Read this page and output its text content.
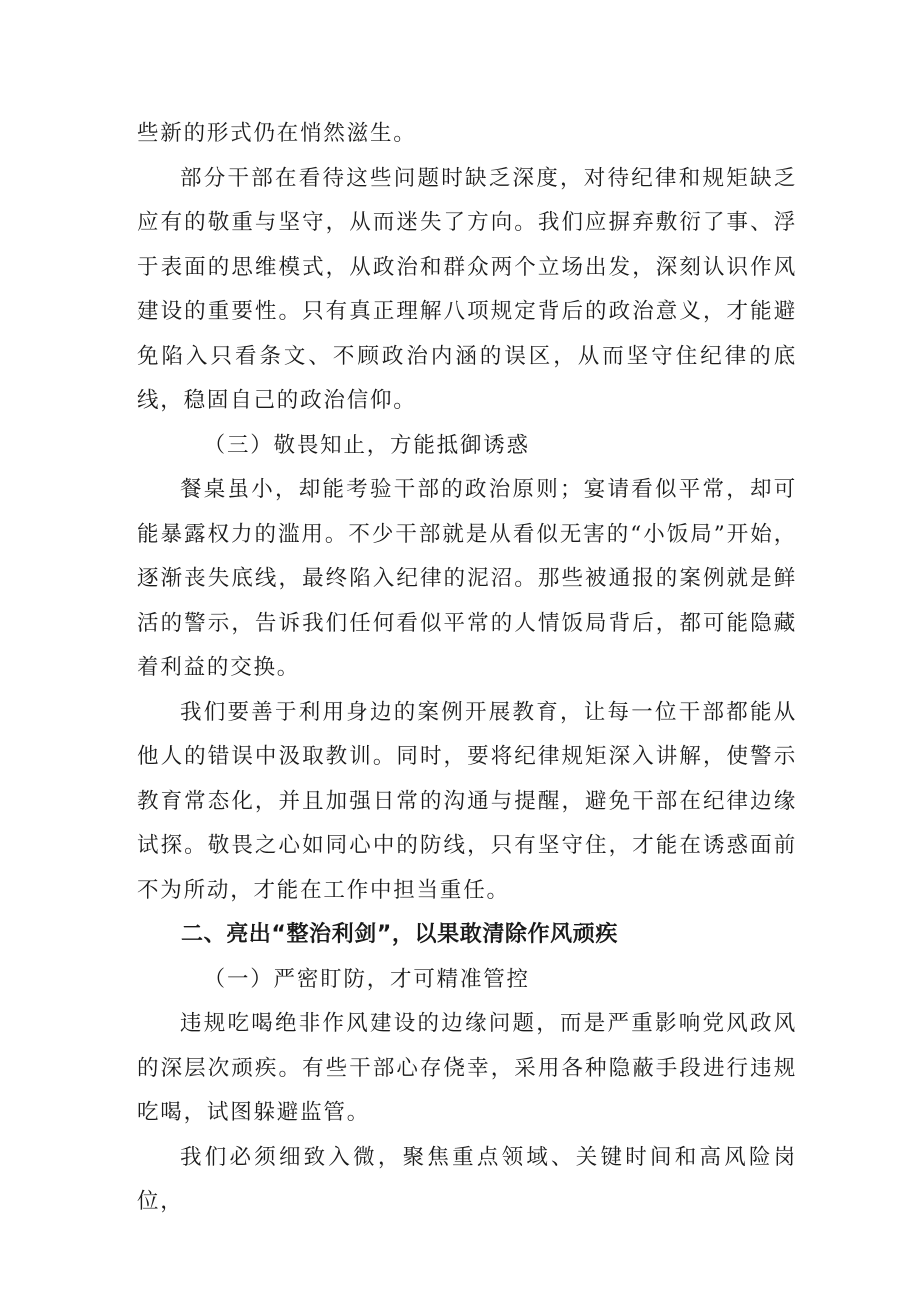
些新的形式仍在悄然滋生。

部分干部在看待这些问题时缺乏深度，对待纪律和规矩缺乏应有的敬重与坚守，从而迷失了方向。我们应摒弃敷衍了事、浮于表面的思维模式，从政治和群众两个立场出发，深刻认识作风建设的重要性。只有真正理解八项规定背后的政治意义，才能避免陷入只看条文、不顾政治内涵的误区，从而坚守住纪律的底线，稳固自己的政治信仰。

（三）敬畏知止，方能抵御诱惑

餐桌虽小，却能考验干部的政治原则；宴请看似平常，却可能暴露权力的滥用。不少干部就是从看似无害的“小饭局”开始，逐渐丧失底线，最终陷入纪律的泥沼。那些被通报的案例就是鲜活的警示，告诉我们任何看似平常的人情饭局背后，都可能隐藏着利益的交换。

我们要善于利用身边的案例开展教育，让每一位干部都能从他人的错误中汲取教训。同时，要将纪律规矩深入讲解，使警示教育常态化，并且加强日常的沟通与提醒，避免干部在纪律边缘试探。敬畏之心如同心中的防线，只有坚守住，才能在诱惑面前不为所动，才能在工作中担当重任。

二、亮出“整治利剑”，以果敢清除作风顽疾

（一）严密盯防，才可精准管控

违规吃喝绝非作风建设的边缘问题，而是严重影响党风政风的深层次顽疾。有些干部心存侥幸，采用各种隐蔽手段进行违规吃喝，试图躲避监管。

我们必须细致入微，聚焦重点领域、关键时间和高风险岗位，
